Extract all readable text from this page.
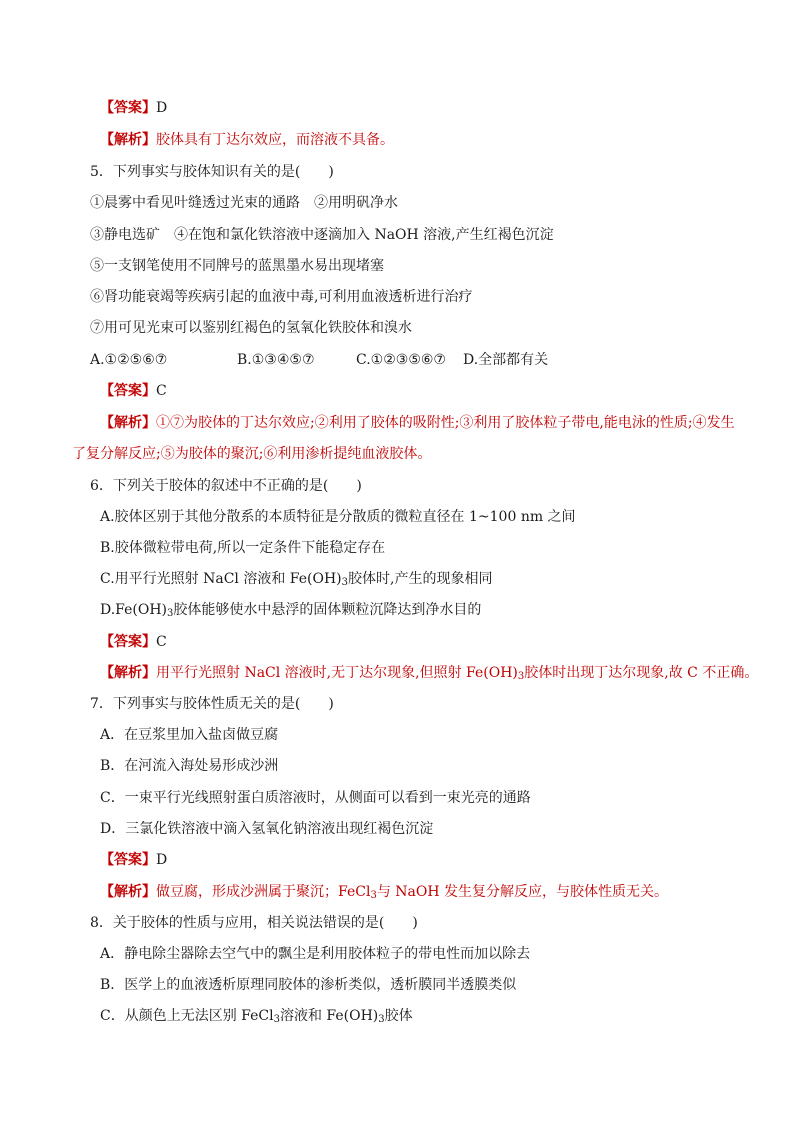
【答案】D
【解析】胶体具有丁达尔效应，而溶液不具备。
5．下列事实与胶体知识有关的是(　　)
①晨雾中看见叶缝透过光束的通路　②用明矾净水
③静电选矿　④在饱和氯化铁溶液中逐滴加入 NaOH 溶液,产生红褐色沉淀
⑤一支钢笔使用不同牌号的蓝黑墨水易出现堵塞
⑥肾功能衰竭等疾病引起的血液中毒,可利用血液透析进行治疗
⑦用可见光束可以鉴别红褐色的氢氧化铁胶体和溴水
A.①②⑤⑥⑦	B.①③④⑤⑦	C.①②③⑤⑥⑦ D.全部都有关
【答案】C
【解析】①⑦为胶体的丁达尔效应;②利用了胶体的吸附性;③利用了胶体粒子带电,能电泳的性质;④发生
了复分解反应;⑤为胶体的聚沉;⑥利用渗析提纯血液胶体。
6．下列关于胶体的叙述中不正确的是(　　)
A.胶体区别于其他分散系的本质特征是分散质的微粒直径在 1~100 nm 之间
B.胶体微粒带电荷,所以一定条件下能稳定存在
C.用平行光照射 NaCl 溶液和 $Fe(OH)_3$胶体时,产生的现象相同
$D.Fe(OH)_3$胶体能够使水中悬浮的固体颗粒沉降达到净水目的
【答案】C
【解析】用平行光照射 NaCl 溶液时,无丁达尔现象,但照射 $Fe(OH)_3$胶体时出现丁达尔现象,故 C 不正确。
7．下列事实与胶体性质无关的是(　　)
A．在豆浆里加入盐卤做豆腐
B．在河流入海处易形成沙洲
C．一束平行光线照射蛋白质溶液时，从侧面可以看到一束光亮的通路
D．三氯化铁溶液中滴入氢氧化钠溶液出现红褐色沉淀
【答案】D
【解析】做豆腐，形成沙洲属于聚沉；FeCl$_3$与 NaOH 发生复分解反应，与胶体性质无关。
8．关于胶体的性质与应用，相关说法错误的是(　　)
A．静电除尘器除去空气中的飘尘是利用胶体粒子的带电性而加以除去
B．医学上的血液透析原理同胶体的渗析类似，透析膜同半透膜类似
C．从颜色上无法区别 FeCl$_3$溶液和 $Fe(OH)_3$胶体
